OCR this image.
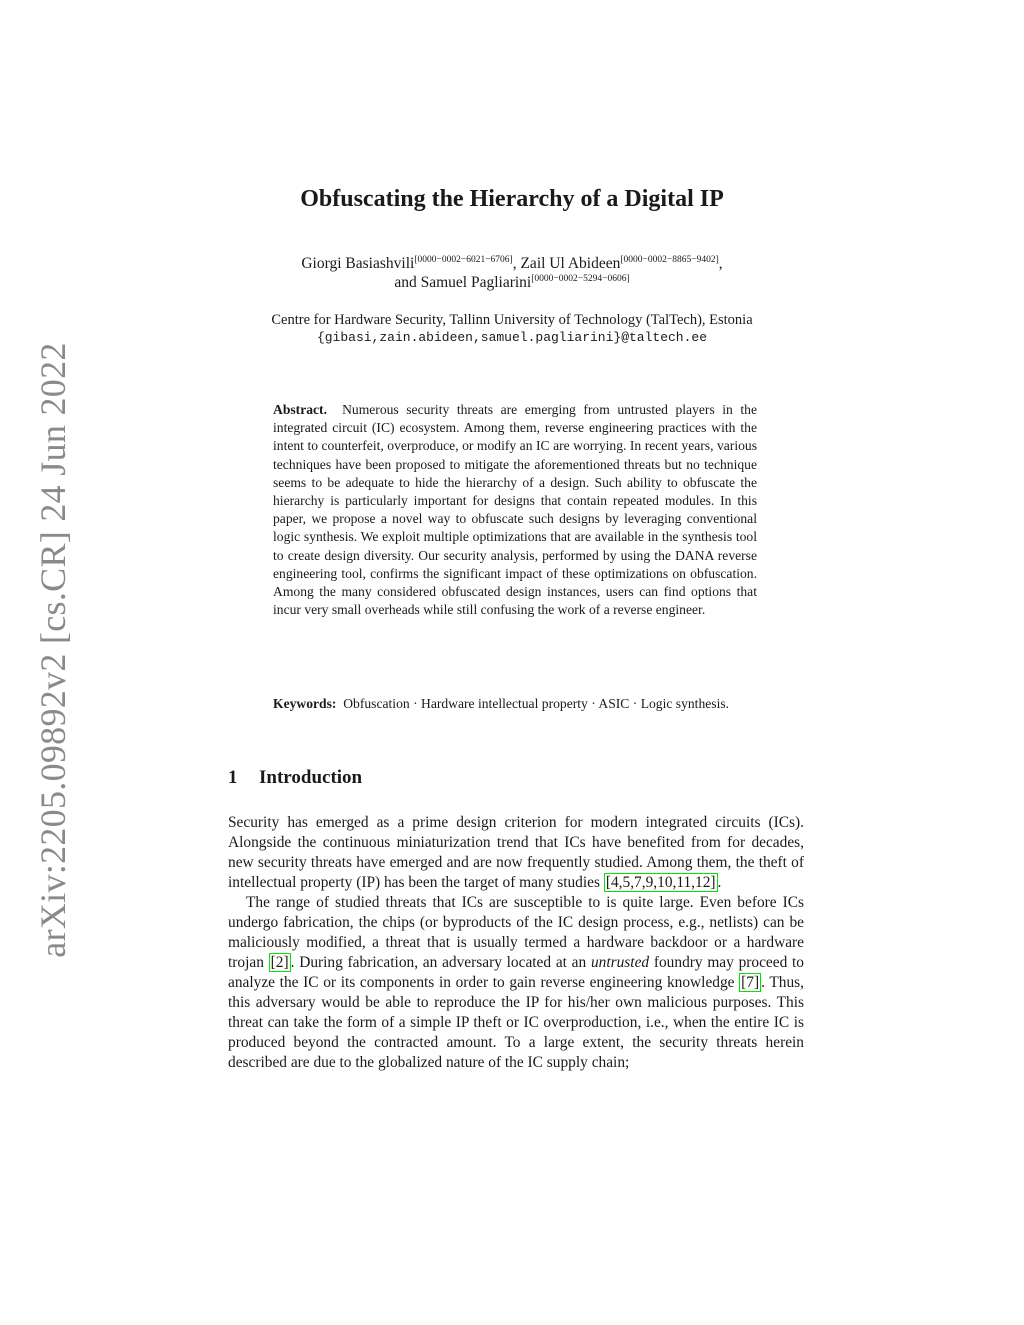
arXiv:2205.09892v2 [cs.CR] 24 Jun 2022
Obfuscating the Hierarchy of a Digital IP
Giorgi Basiashvili[0000−0002−6021−6706], Zail Ul Abideen[0000−0002−8865−9402],
and Samuel Pagliarini[0000−0002−5294−0606]
Centre for Hardware Security, Tallinn University of Technology (TalTech), Estonia
{gibasi,zain.abideen,samuel.pagliarini}@taltech.ee

Abstract. Numerous security threats are emerging from untrusted players in the integrated circuit (IC) ecosystem. Among them, reverse engineering practices with the intent to counterfeit, overproduce, or modify an IC are worrying. In recent years, various techniques have been proposed to mitigate the aforementioned threats but no technique seems to be adequate to hide the hierarchy of a design. Such ability to obfuscate the hierarchy is particularly important for designs that contain repeated modules. In this paper, we propose a novel way to obfuscate such designs by leveraging conventional logic synthesis. We exploit multiple optimizations that are available in the synthesis tool to create design diversity. Our security analysis, performed by using the DANA reverse engineering tool, confirms the significant impact of these optimizations on obfuscation. Among the many considered obfuscated design instances, users can find options that incur very small overheads while still confusing the work of a reverse engineer.

Keywords: Obfuscation · Hardware intellectual property · ASIC · Logic synthesis.

1 Introduction

Security has emerged as a prime design criterion for modern integrated circuits (ICs). Alongside the continuous miniaturization trend that ICs have benefited from for decades, new security threats have emerged and are now frequently studied. Among them, the theft of intellectual property (IP) has been the target of many studies [4,5,7,9,10,11,12] .

The range of studied threats that ICs are susceptible to is quite large. Even before ICs undergo fabrication, the chips (or byproducts of the IC design process, e.g., netlists) can be maliciously modified, a threat that is usually termed a hardware backdoor or a hardware trojan [2] . During fabrication, an adversary located at an untrusted foundry may proceed to analyze the IC or its components in order to gain reverse engineering knowledge [7] . Thus, this adversary would be able to reproduce the IP for his/her own malicious purposes. This threat can take the form of a simple IP theft or IC overproduction, i.e., when the entire IC is produced beyond the contracted amount. To a large extent, the security threats herein described are due to the globalized nature of the IC supply chain;
